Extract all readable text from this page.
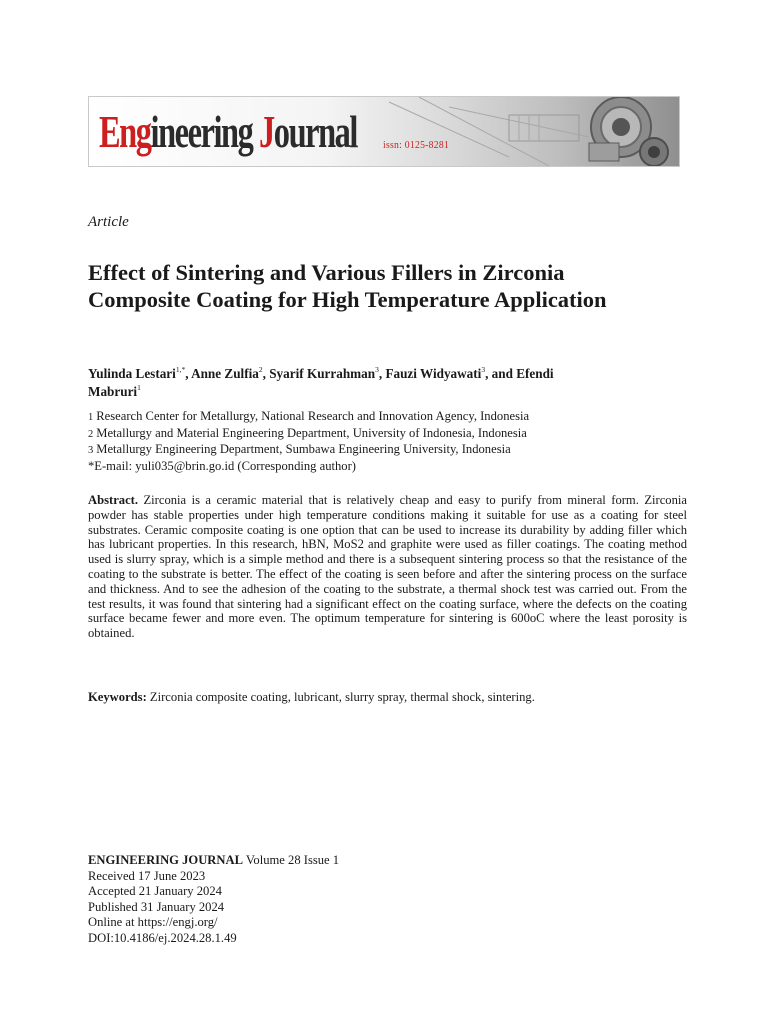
Engineering Journal issn: 0125-8281
Article
Effect of Sintering and Various Fillers in Zirconia Composite Coating for High Temperature Application
Yulinda Lestari$^{1,*}$, Anne Zulfia$^2$, Syarif Kurrahman$^3$, Fauzi Widyawati$^3$, and Efendi Mabruri$^1$
1 Research Center for Metallurgy, National Research and Innovation Agency, Indonesia
2 Metallurgy and Material Engineering Department, University of Indonesia, Indonesia
3 Metallurgy Engineering Department, Sumbawa Engineering University, Indonesia
*E-mail: yuli035@brin.go.id (Corresponding author)

Abstract. Zirconia is a ceramic material that is relatively cheap and easy to purify from mineral form. Zirconia powder has stable properties under high temperature conditions making it suitable for use as a coating for steel substrates. Ceramic composite coating is one option that can be used to increase its durability by adding filler which has lubricant properties. In this research, hBN, MoS2 and graphite were used as filler coatings. The coating method used is slurry spray, which is a simple method and there is a subsequent sintering process so that the resistance of the coating to the substrate is better. The effect of the coating is seen before and after the sintering process on the surface and thickness. And to see the adhesion of the coating to the substrate, a thermal shock test was carried out. From the test results, it was found that sintering had a significant effect on the coating surface, where the defects on the coating surface became fewer and more even. The optimum temperature for sintering is 600oC where the least porosity is obtained.

Keywords: Zirconia composite coating, lubricant, slurry spray, thermal shock, sintering.

ENGINEERING JOURNAL Volume 28 Issue 1
Received 17 June 2023
Accepted 21 January 2024
Published 31 January 2024
Online at https://engj.org/
DOI:10.4186/ej.2024.28.1.49
